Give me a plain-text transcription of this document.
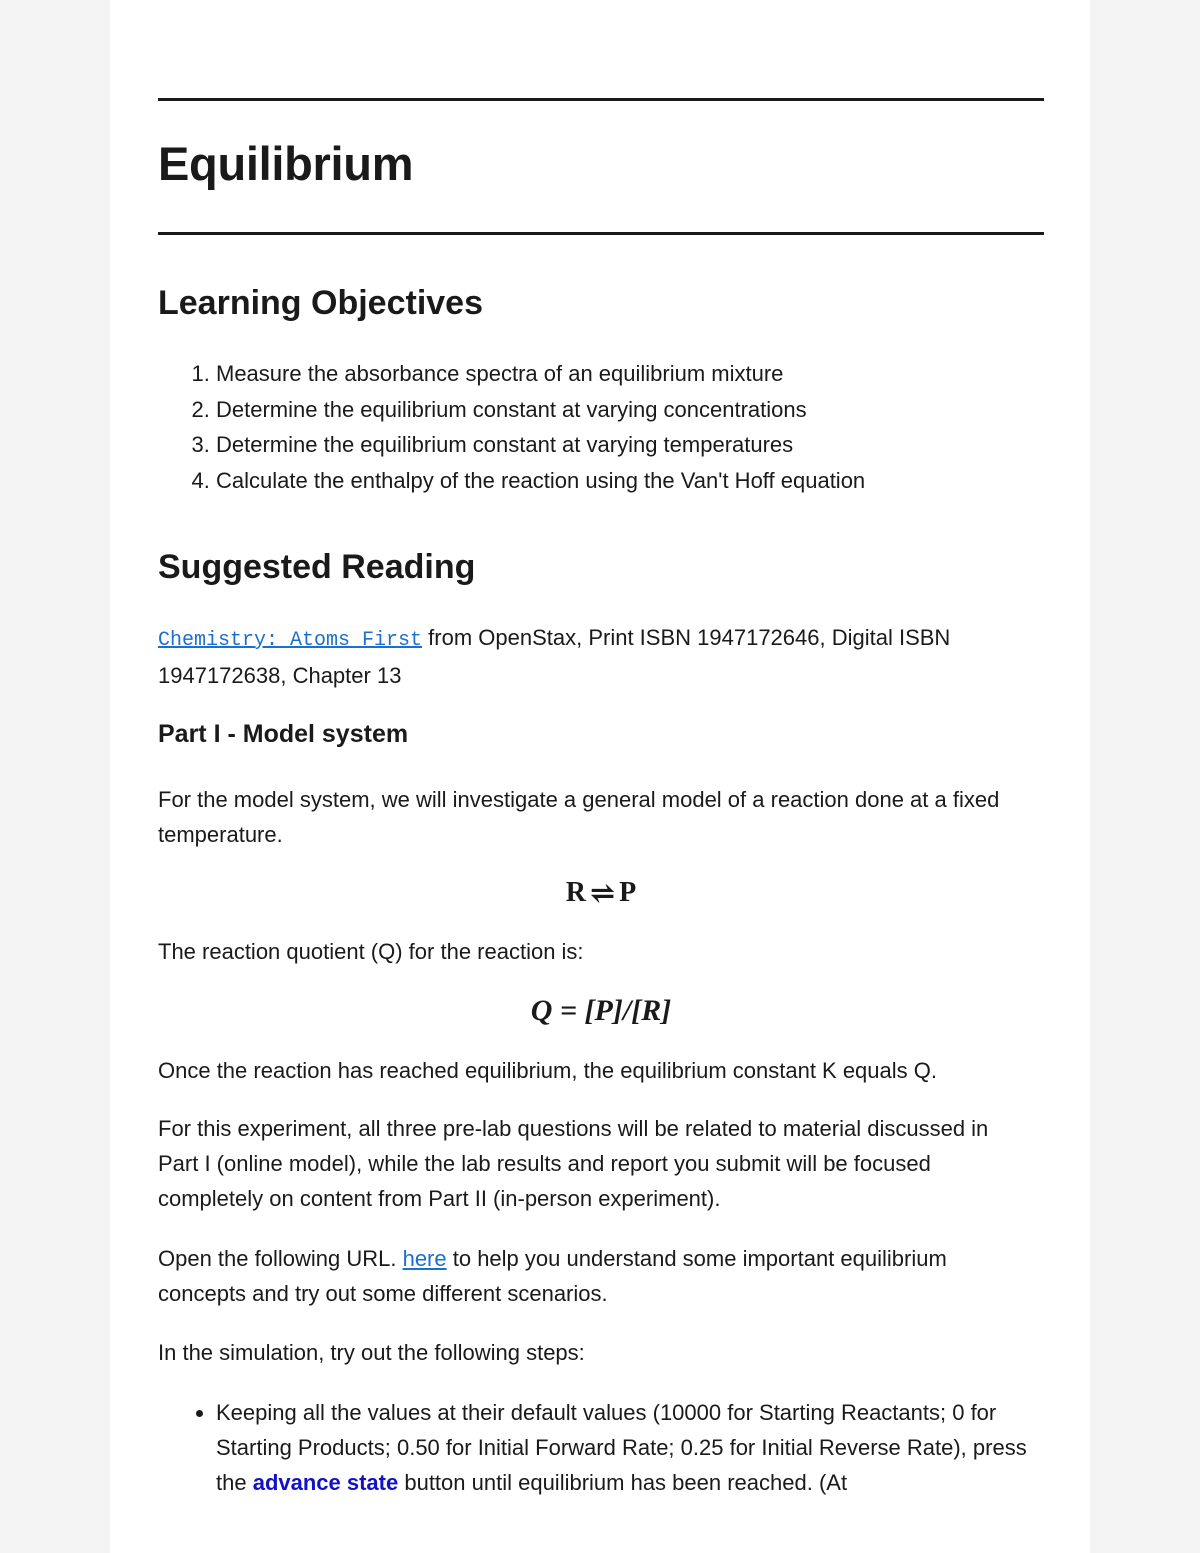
Equilibrium
Learning Objectives
1. Measure the absorbance spectra of an equilibrium mixture
2. Determine the equilibrium constant at varying concentrations
3. Determine the equilibrium constant at varying temperatures
4. Calculate the enthalpy of the reaction using the Van't Hoff equation
Suggested Reading

Chemistry: Atoms First from OpenStax, Print ISBN 1947172646, Digital ISBN 1947172638, Chapter 13

Part I - Model system

For the model system, we will investigate a general model of a reaction done at a fixed temperature.

R ⇌ P

The reaction quotient (Q) for the reaction is:

Q = [P]/[R]

Once the reaction has reached equilibrium, the equilibrium constant K equals Q.

For this experiment, all three pre-lab questions will be related to material discussed in Part I (online model), while the lab results and report you submit will be focused completely on content from Part II (in-person experiment).

Open the following URL. here to help you understand some important equilibrium concepts and try out some different scenarios.

In the simulation, try out the following steps:

• Keeping all the values at their default values (10000 for Starting Reactants; 0 for Starting Products; 0.50 for Initial Forward Rate; 0.25 for Initial Reverse Rate), press the advance state button until equilibrium has been reached. (At
